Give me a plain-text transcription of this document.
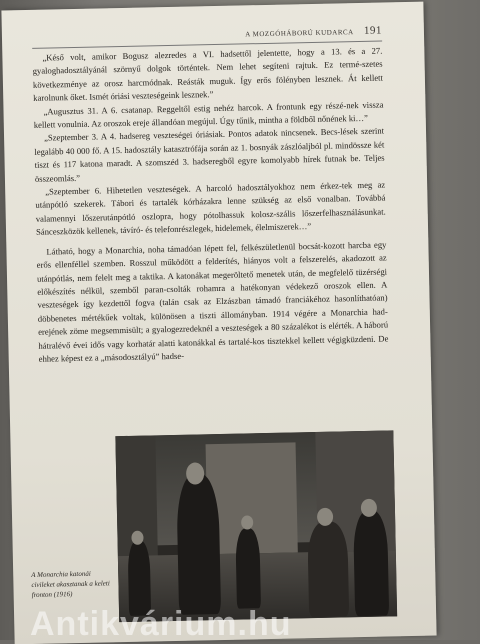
A MOZGÓHÁBORÚ KUDARCA 191

„Késő volt, amikor Bogusz alezredes a VI. hadsettől jelentette, hogy a 13. és a 27. gyaloghadosztályánál szörnyű dolgok történtek. Nem lehet segíteni rajtuk. Ez termé-szetes következménye az orosz harcmódnak. Reásták muguk. Így erős fölényben lesznek. Át kellett karolnunk őket. Ismét óriási veszteségeink lesznek.”

„Augusztus 31. A 6. csatanap. Reggeltől estig nehéz harcok. A frontunk egy részé-nek vissza kellett vonulnia. Az oroszok ereje állandóan megújul. Úgy tűnik, mintha a földből nőnének ki…”

„Szeptember 3. A 4. hadsereg veszteségei óriásiak. Pontos adatok nincsenek. Becs-lések szerint legalább 40 000 fő. A 15. hadosztály katasztrófája során az 1. bosnyák zászlóaljból pl. mindössze két tiszt és 117 katona maradt. A szomszéd 3. hadseregből egyre komolyabb hírek futnak be. Teljes összeomlás.”

„Szeptember 6. Hihetetlen veszteségek. A harcoló hadosztályokhoz nem érkez-tek meg az utánpótló szekerek. Tábori és tartalék kórházakra lenne szükség az első vonalban. Továbbá valamennyi lőszerutánpótló oszlopra, hogy pótolhassuk kolosz-szális lőszerfelhasználásunkat. Sánceszközök kellenek, távíró- és telefonrészlegek, hidelemek, élelmiszerek…”

Látható, hogy a Monarchia, noha támadóan lépett fel, felkészületlenül bocsát-kozott harcba egy erős ellenféllel szemben. Rosszul működött a felderítés, hiányos volt a felszerelés, akadozott az utánpótlás, nem felelt meg a taktika. A katonákat megeröltető menetek után, de megfelelő tüzérségi előkészítés nélkül, szemből paran-csolták rohamra a hatékonyan védekező oroszok ellen. A veszteségek így kezdettől fogva (talán csak az Elzászban támadó franciákéhoz hasonlíthatóan) döbbenetes mértékűek voltak, különösen a tiszti állományban. 1914 végére a Monarchia had-erejének zöme megsemmisült; a gyalogezredeknél a veszteségek a 80 százalékot is elérték. A háború hátralévő évei idős vagy korhatár alatti katonákkal és tartalé-kos tisztekkel kellett végigküzdeni. De ehhez képest ez a „másodosztályú” hadse-

A Monarchia katonái civileket akasztanak a keleti fronton (1916)
Antikvárium.hu
